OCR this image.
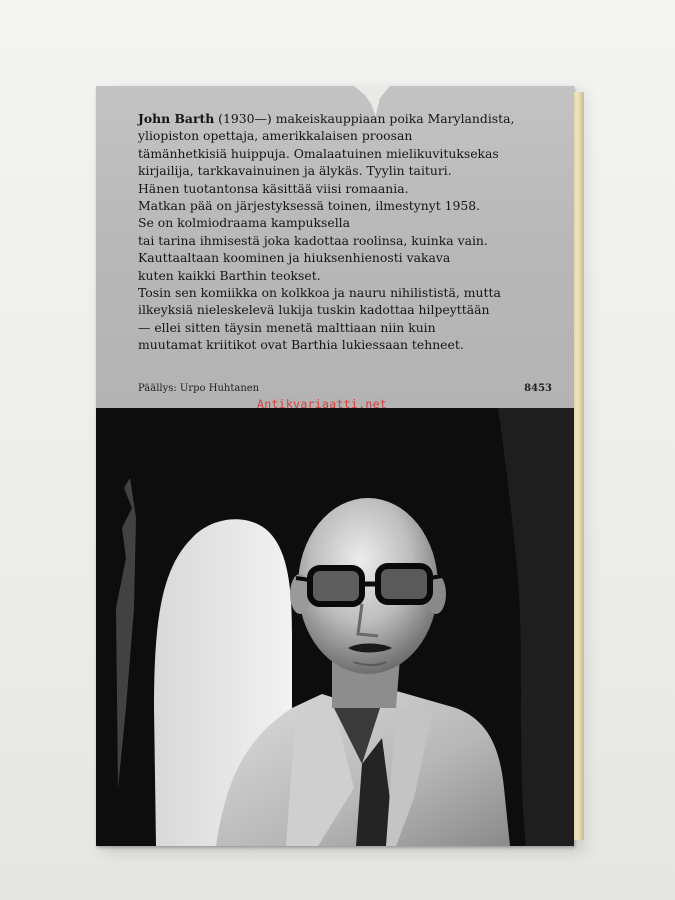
John Barth (1930—) makeiskauppiaan poika Marylandista,
yliopiston opettaja, amerikkalaisen proosan
tämänhetkisiä huippuja. Omalaatuinen mielikuvituksekas
kirjailija, tarkkavainuinen ja älykäs. Tyylin taituri.
Hänen tuotantonsa käsittää viisi romaania.
Matkan pää on järjestyksessä toinen, ilmestynyt 1958.
Se on kolmiodraama kampuksella
tai tarina ihmisestä joka kadottaa roolinsa, kuinka vain.
Kauttaaltaan koominen ja hiuksenhienosti vakava
kuten kaikki Barthin teokset.
Tosin sen komiikka on kolkkoa ja nauru nihilististä, mutta
ilkeyksiä nieleskelevä lukija tuskin kadottaa hilpeyttään
— ellei sitten täysin menetä malttiaan niin kuin
muutamat kriitikot ovat Barthia lukiessaan tehneet.

Päällys: Urpo Huhtanen	8453
Antikvariaatti.net
